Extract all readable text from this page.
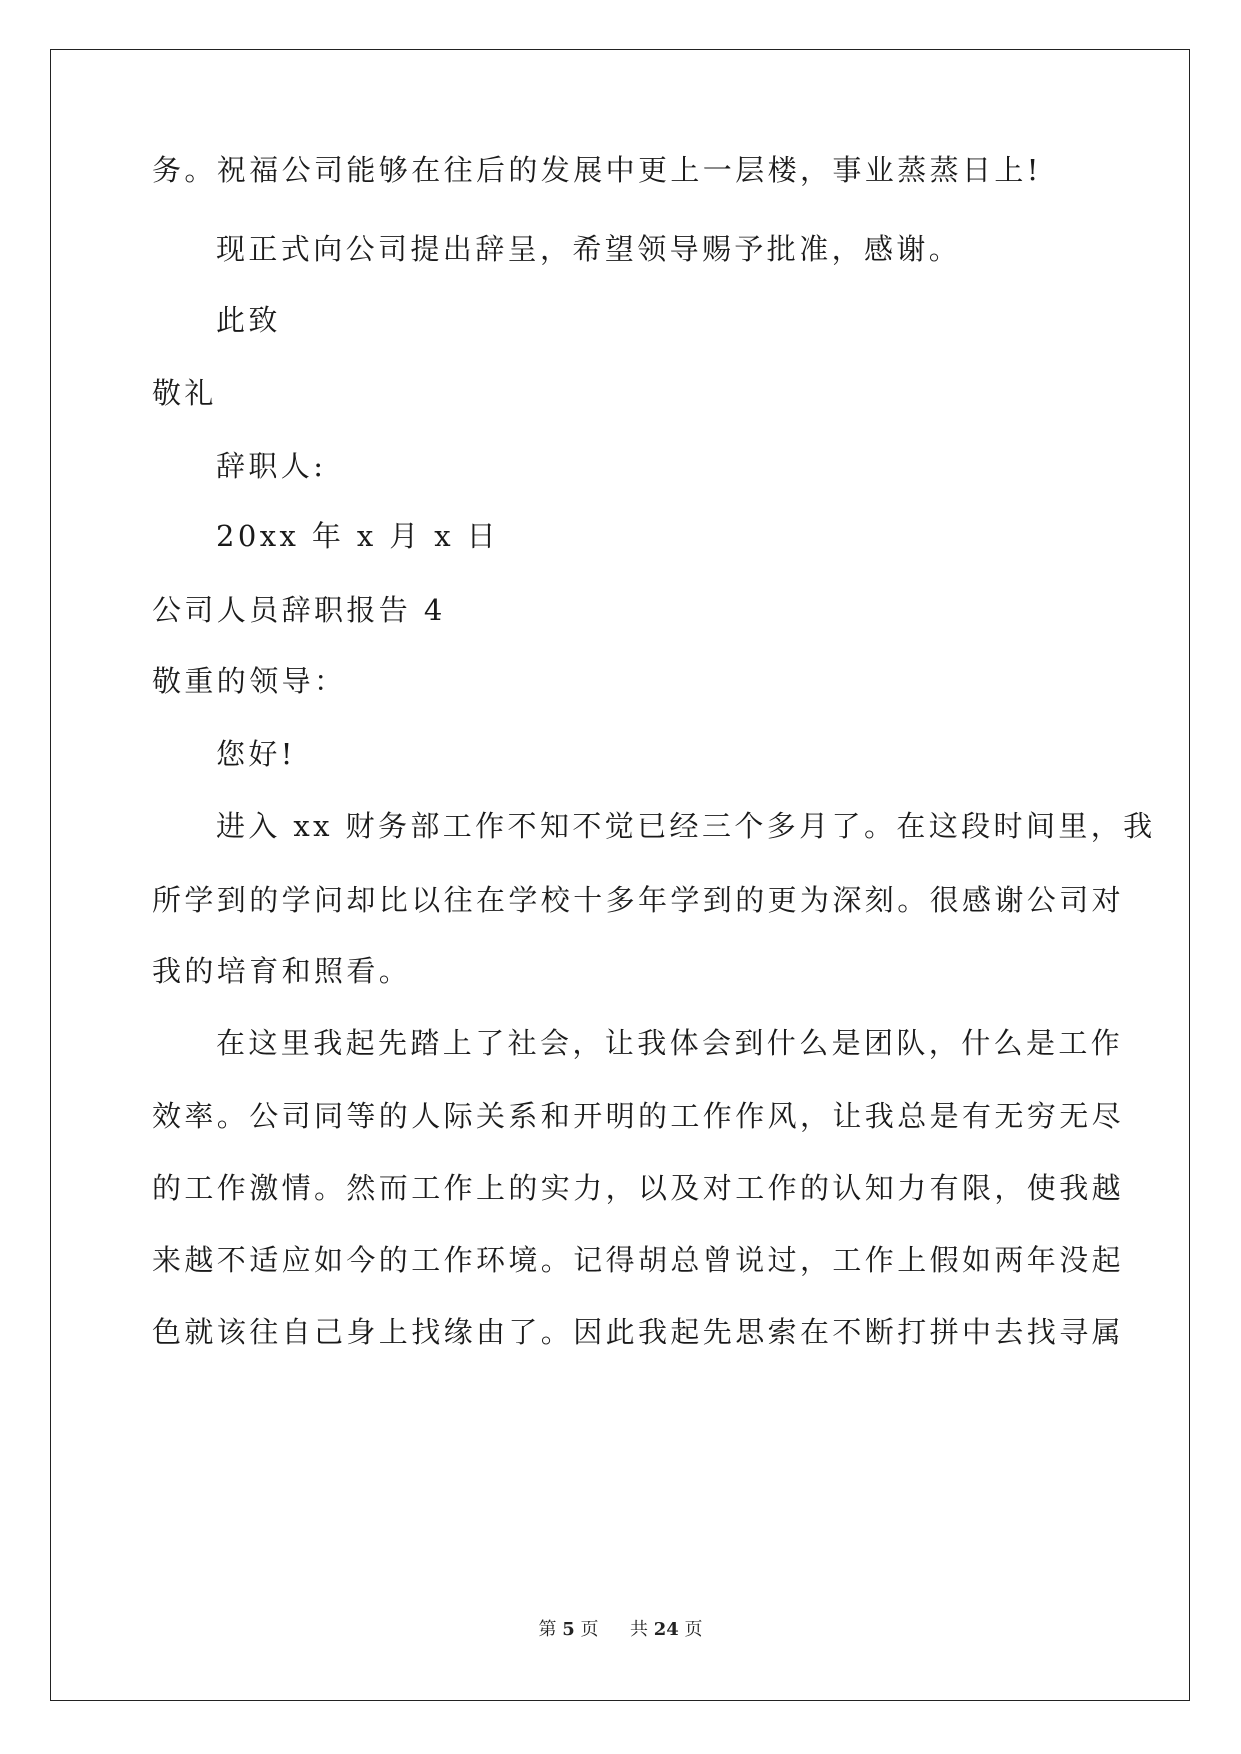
务。祝福公司能够在往后的发展中更上一层楼，事业蒸蒸日上!
现正式向公司提出辞呈，希望领导赐予批准，感谢。
此致
敬礼
辞职人:
20xx 年 x 月 x 日
公司人员辞职报告 4
敬重的领导：
您好!
进入 xx 财务部工作不知不觉已经三个多月了。在这段时间里，我
所学到的学问却比以往在学校十多年学到的更为深刻。很感谢公司对
我的培育和照看。
在这里我起先踏上了社会，让我体会到什么是团队，什么是工作
效率。公司同等的人际关系和开明的工作作风，让我总是有无穷无尽
的工作激情。然而工作上的实力，以及对工作的认知力有限，使我越
来越不适应如今的工作环境。记得胡总曾说过，工作上假如两年没起
色就该往自己身上找缘由了。因此我起先思索在不断打拼中去找寻属
第 5 页 共 24 页
